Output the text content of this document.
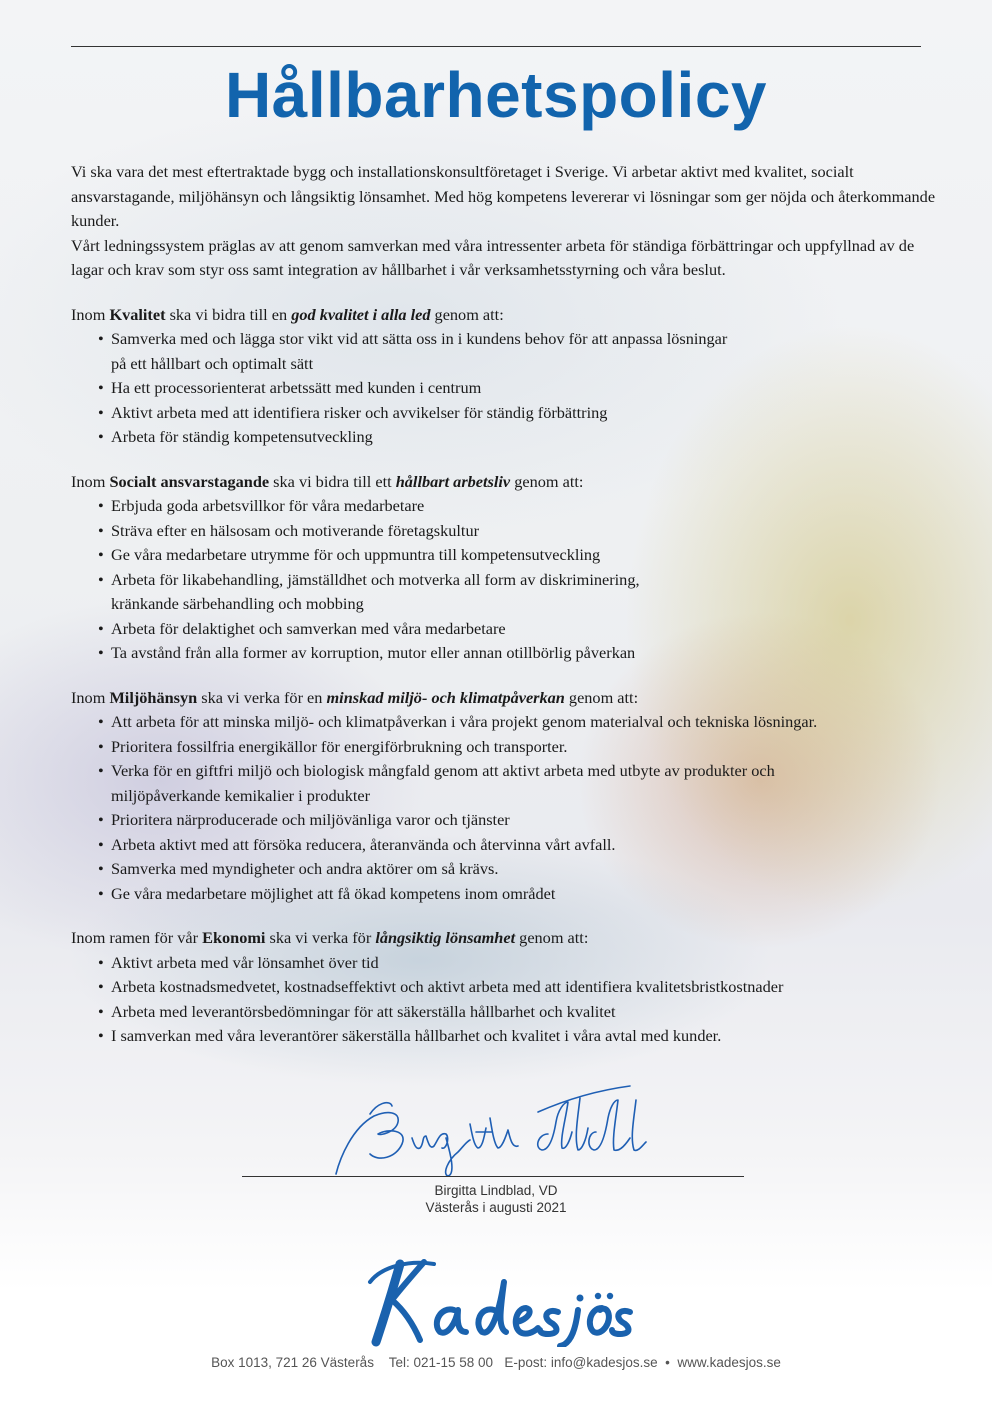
Hållbarhetspolicy

Vi ska vara det mest eftertraktade bygg och installationskonsultföretaget i Sverige. Vi arbetar aktivt med kvalitet, socialt ansvarstagande, miljöhänsyn och långsiktig lönsamhet. Med hög kompetens levererar vi lösningar som ger nöjda och återkommande kunder.

Vårt ledningssystem präglas av att genom samverkan med våra intressenter arbeta för ständiga förbättringar och uppfyllnad av de lagar och krav som styr oss samt integration av hållbarhet i vår verksamhetsstyrning och våra beslut.

Inom Kvalitet ska vi bidra till en god kvalitet i alla led genom att:

• Samverka med och lägga stor vikt vid att sätta oss in i kundens behov för att anpassa lösningar
på ett hållbart och optimalt sätt
• Ha ett processorienterat arbetssätt med kunden i centrum
• Aktivt arbeta med att identifiera risker och avvikelser för ständig förbättring
• Arbeta för ständig kompetensutveckling

Inom Socialt ansvarstagande ska vi bidra till ett hållbart arbetsliv genom att:

• Erbjuda goda arbetsvillkor för våra medarbetare
• Sträva efter en hälsosam och motiverande företagskultur
• Ge våra medarbetare utrymme för och uppmuntra till kompetensutveckling
• Arbeta för likabehandling, jämställdhet och motverka all form av diskriminering,
kränkande särbehandling och mobbing
• Arbeta för delaktighet och samverkan med våra medarbetare
• Ta avstånd från alla former av korruption, mutor eller annan otillbörlig påverkan

Inom Miljöhänsyn ska vi verka för en minskad miljö- och klimatpåverkan genom att:

• Att arbeta för att minska miljö- och klimatpåverkan i våra projekt genom materialval och tekniska lösningar.
• Prioritera fossilfria energikällor för energiförbrukning och transporter.
• Verka för en giftfri miljö och biologisk mångfald genom att aktivt arbeta med utbyte av produkter och
miljöpåverkande kemikalier i produkter
• Prioritera närproducerade och miljövänliga varor och tjänster
• Arbeta aktivt med att försöka reducera, återanvända och återvinna vårt avfall.
• Samverka med myndigheter och andra aktörer om så krävs.
• Ge våra medarbetare möjlighet att få ökad kompetens inom området

Inom ramen för vår Ekonomi ska vi verka för långsiktig lönsamhet genom att:

• Aktivt arbeta med vår lönsamhet över tid
• Arbeta kostnadsmedvetet, kostnadseffektivt och aktivt arbeta med att identifiera kvalitetsbristkostnader
• Arbeta med leverantörsbedömningar för att säkerställa hållbarhet och kvalitet
• I samverkan med våra leverantörer säkerställa hållbarhet och kvalitet i våra avtal med kunder.
Birgitta Lindblad, VD
Västerås i augusti 2021
Box 1013, 721 26 Västerås Tel: 021-15 58 00 E-post: info@kadesjos.se • www.kadesjos.se
